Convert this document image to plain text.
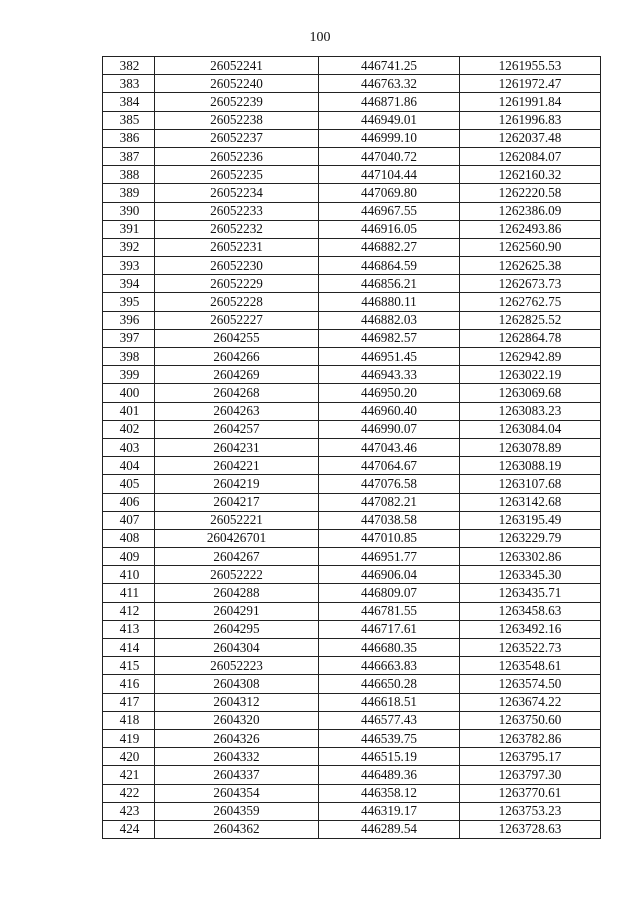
100
382	26052241	446741.25	1261955.53
383	26052240	446763.32	1261972.47
384	26052239	446871.86	1261991.84
385	26052238	446949.01	1261996.83
386	26052237	446999.10	1262037.48
387	26052236	447040.72	1262084.07
388	26052235	447104.44	1262160.32
389	26052234	447069.80	1262220.58
390	26052233	446967.55	1262386.09
391	26052232	446916.05	1262493.86
392	26052231	446882.27	1262560.90
393	26052230	446864.59	1262625.38
394	26052229	446856.21	1262673.73
395	26052228	446880.11	1262762.75
396	26052227	446882.03	1262825.52
397	2604255	446982.57	1262864.78
398	2604266	446951.45	1262942.89
399	2604269	446943.33	1263022.19
400	2604268	446950.20	1263069.68
401	2604263	446960.40	1263083.23
402	2604257	446990.07	1263084.04
403	2604231	447043.46	1263078.89
404	2604221	447064.67	1263088.19
405	2604219	447076.58	1263107.68
406	2604217	447082.21	1263142.68
407	26052221	447038.58	1263195.49
408	260426701	447010.85	1263229.79
409	2604267	446951.77	1263302.86
410	26052222	446906.04	1263345.30
411	2604288	446809.07	1263435.71
412	2604291	446781.55	1263458.63
413	2604295	446717.61	1263492.16
414	2604304	446680.35	1263522.73
415	26052223	446663.83	1263548.61
416	2604308	446650.28	1263574.50
417	2604312	446618.51	1263674.22
418	2604320	446577.43	1263750.60
419	2604326	446539.75	1263782.86
420	2604332	446515.19	1263795.17
421	2604337	446489.36	1263797.30
422	2604354	446358.12	1263770.61
423	2604359	446319.17	1263753.23
424	2604362	446289.54	1263728.63
